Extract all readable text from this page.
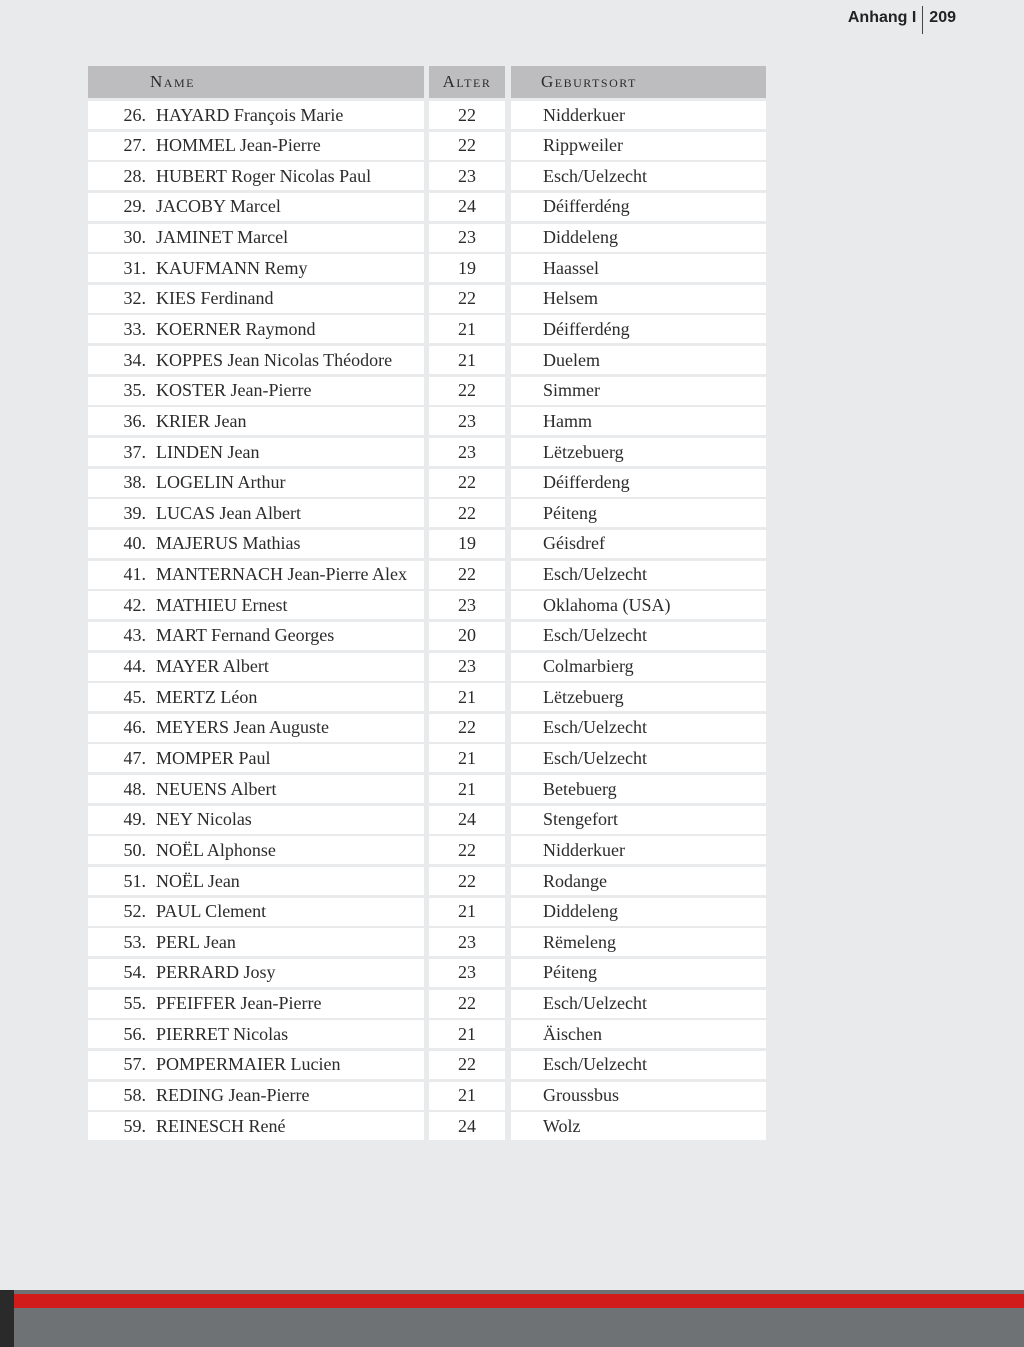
Anhang I 209
Name	Alter	Geburtsort
26. HAYARD François Marie	22	Nidderkuer
27. HOMMEL Jean-Pierre	22	Rippweiler
28. HUBERT Roger Nicolas Paul	23	Esch/Uelzecht
29. JACOBY Marcel	24	Déifferdéng
30. JAMINET Marcel	23	Diddeleng
31. KAUFMANN Remy	19	Haassel
32. KIES Ferdinand	22	Helsem
33. KOERNER Raymond	21	Déifferdéng
34. KOPPES Jean Nicolas Théodore	21	Duelem
35. KOSTER Jean-Pierre	22	Simmer
36. KRIER Jean	23	Hamm
37. LINDEN Jean	23	Lëtzebuerg
38. LOGELIN Arthur	22	Déifferdeng
39. LUCAS Jean Albert	22	Péiteng
40. MAJERUS Mathias	19	Géisdref
41. MANTERNACH Jean-Pierre Alex	22	Esch/Uelzecht
42. MATHIEU Ernest	23	Oklahoma (USA)
43. MART Fernand Georges	20	Esch/Uelzecht
44. MAYER Albert	23	Colmarbierg
45. MERTZ Léon	21	Lëtzebuerg
46. MEYERS Jean Auguste	22	Esch/Uelzecht
47. MOMPER Paul	21	Esch/Uelzecht
48. NEUENS Albert	21	Betebuerg
49. NEY Nicolas	24	Stengefort
50. NOËL Alphonse	22	Nidderkuer
51. NOËL Jean	22	Rodange
52. PAUL Clement	21	Diddeleng
53. PERL Jean	23	Rëmeleng
54. PERRARD Josy	23	Péiteng
55. PFEIFFER Jean-Pierre	22	Esch/Uelzecht
56. PIERRET Nicolas	21	Äischen
57. POMPERMAIER Lucien	22	Esch/Uelzecht
58. REDING Jean-Pierre	21	Groussbus
59. REINESCH René	24	Wolz
